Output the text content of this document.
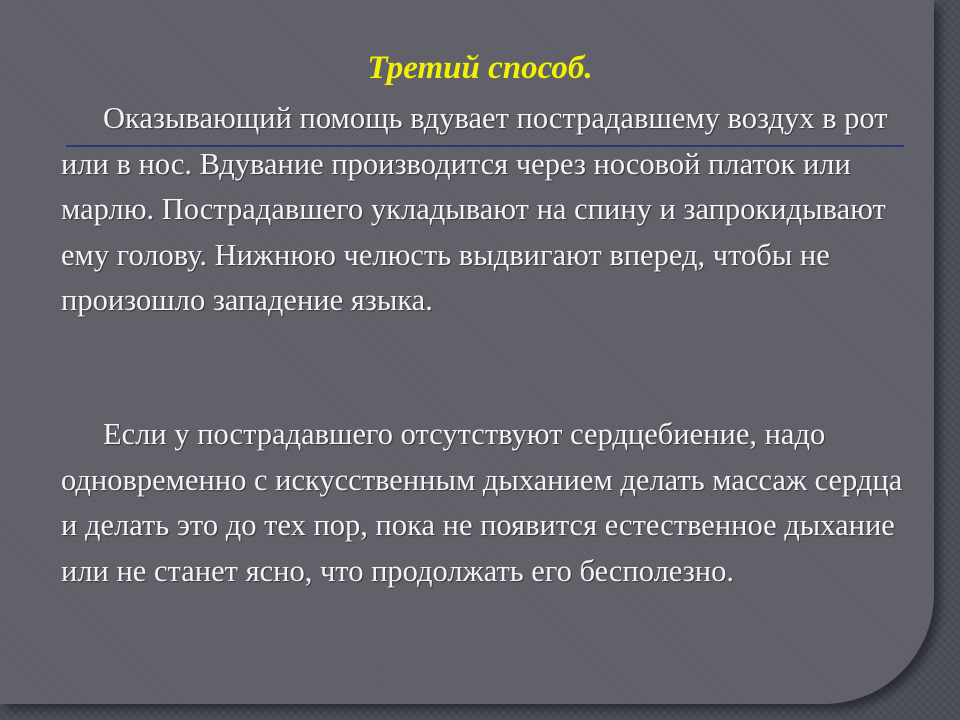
Третий способ.

Оказывающий помощь вдувает пострадавшему воздух в рот или в нос. Вдувание производится через носовой платок или марлю. Пострадавшего укладывают на спину и запрокидывают ему голову. Нижнюю челюсть выдвигают вперед, чтобы не произошло западение языка.

Если у пострадавшего отсутствуют сердцебиение, надо одновременно с искусственным дыханием делать массаж сердца и делать это до тех пор, пока не появится естественное дыхание или не станет ясно, что продолжать его бесполезно.
